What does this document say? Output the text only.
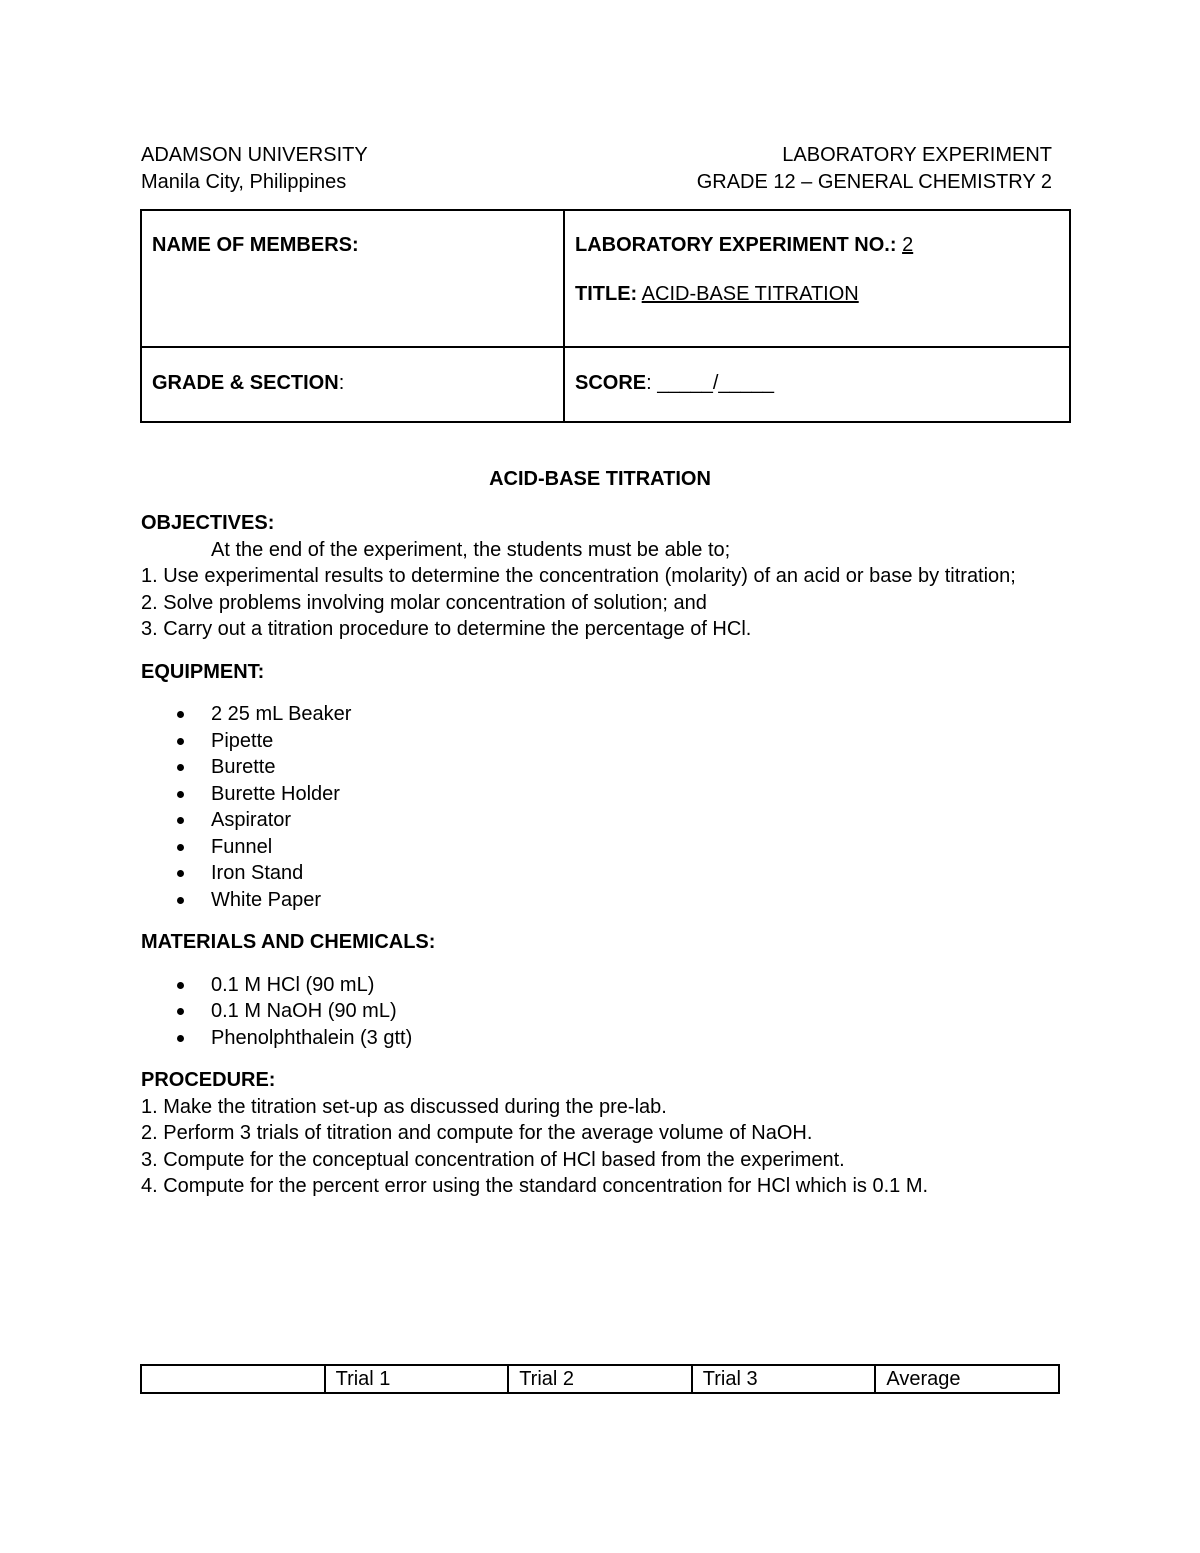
ADAMSON UNIVERSITY
Manila City, Philippines
LABORATORY EXPERIMENT
GRADE 12 – GENERAL CHEMISTRY 2
NAME OF MEMBERS:	LABORATORY EXPERIMENT NO.: 2
TITLE: ACID-BASE TITRATION

GRADE & SECTION:	SCORE: _____/_____
ACID-BASE TITRATION
OBJECTIVES:
At the end of the experiment, the students must be able to;
1. Use experimental results to determine the concentration (molarity) of an acid or base by titration;
2. Solve problems involving molar concentration of solution; and
3. Carry out a titration procedure to determine the percentage of HCl.
EQUIPMENT:
2 25 mL Beaker
Pipette
Burette
Burette Holder
Aspirator
Funnel
Iron Stand
White Paper
MATERIALS AND CHEMICALS:
0.1 M HCl (90 mL)
0.1 M NaOH (90 mL)
Phenolphthalein (3 gtt)
PROCEDURE:
1. Make the titration set-up as discussed during the pre-lab.
2. Perform 3 trials of titration and compute for the average volume of NaOH.
3. Compute for the conceptual concentration of HCl based from the experiment.
4. Compute for the percent error using the standard concentration for HCl which is 0.1 M.
	Trial 1	Trial 2	Trial 3	Average
